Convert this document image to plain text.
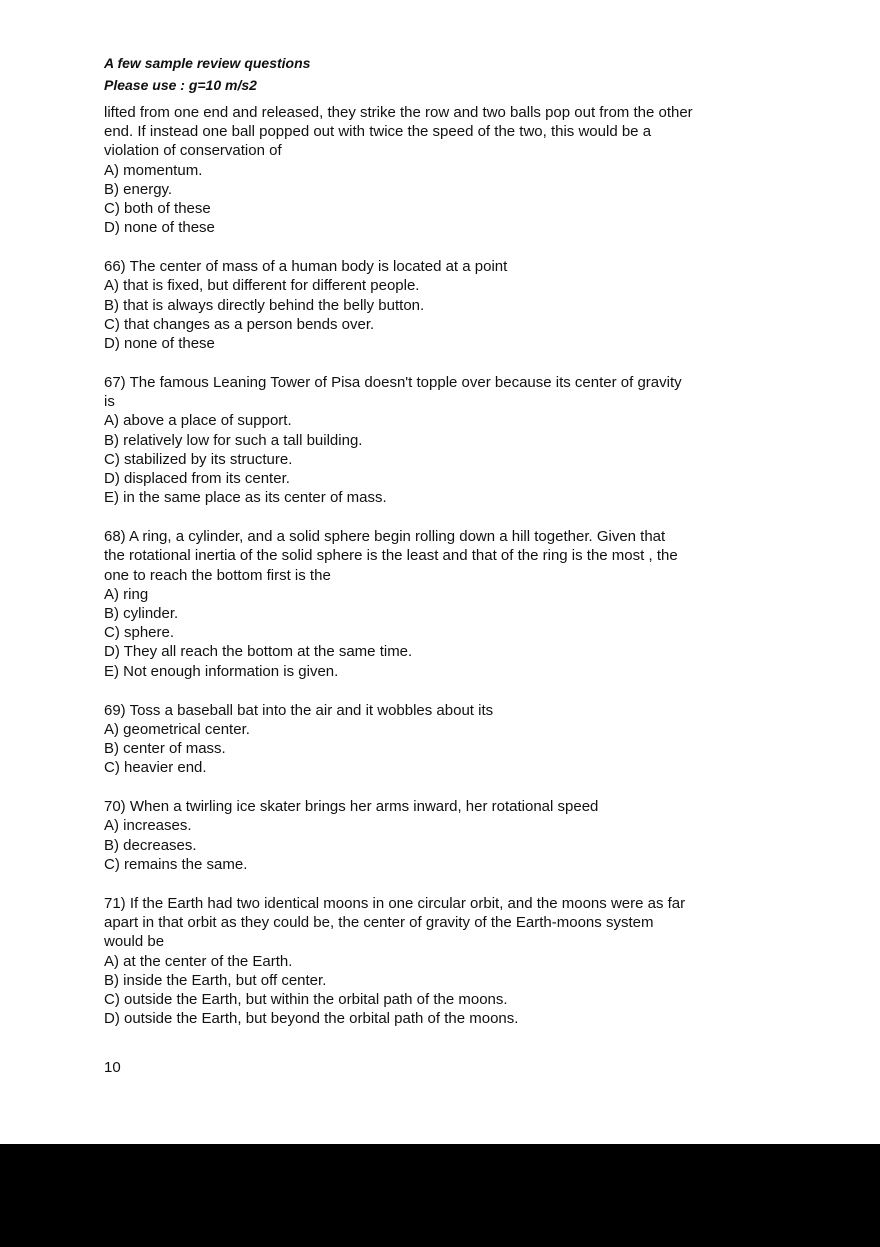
A few sample review questions
Please use : g=10 m/s2
lifted from one end and released, they strike the row and two balls pop out from the other
end. If instead one ball popped out with twice the speed of the two, this would be a
violation of conservation of
A) momentum.
B) energy.
C) both of these
D) none of these
66) The center of mass of a human body is located at a point
A) that is fixed, but different for different people.
B) that is always directly behind the belly button.
C) that changes as a person bends over.
D) none of these
67) The famous Leaning Tower of Pisa doesn't topple over because its center of gravity
is
A) above a place of support.
B) relatively low for such a tall building.
C) stabilized by its structure.
D) displaced from its center.
E) in the same place as its center of mass.
68) A ring, a cylinder, and a solid sphere begin rolling down a hill together. Given that
the rotational inertia of the solid sphere is the least and that of the ring is the most , the
one to reach the bottom first is the
A) ring
B) cylinder.
C) sphere.
D) They all reach the bottom at the same time.
E) Not enough information is given.
69) Toss a baseball bat into the air and it wobbles about its
A) geometrical center.
B) center of mass.
C) heavier end.
70) When a twirling ice skater brings her arms inward, her rotational speed
A) increases.
B) decreases.
C) remains the same.
71) If the Earth had two identical moons in one circular orbit, and the moons were as far
apart in that orbit as they could be, the center of gravity of the Earth-moons system
would be
A) at the center of the Earth.
B) inside the Earth, but off center.
C) outside the Earth, but within the orbital path of the moons.
D) outside the Earth, but beyond the orbital path of the moons.
10
